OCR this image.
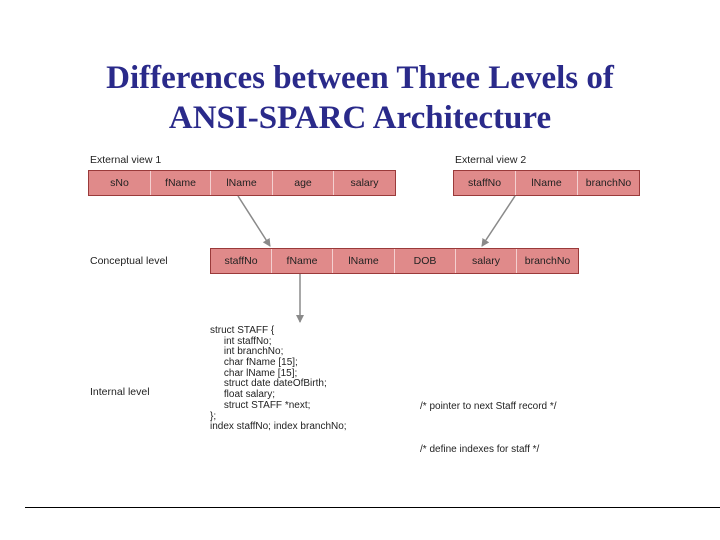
Differences between Three Levels of
ANSI-SPARC Architecture
External view 1
sNo	fName	lName	age	salary
External view 2
staffNo	lName	branchNo
Conceptual level	staffNo	fName	lName	DOB	salary	branchNo
Internal level
struct STAFF {
int staffNo;
int branchNo;
char fName [15];
char lName [15];
struct date dateOfBirth;
float salary;
struct STAFF *next;
};
index staffNo; index branchNo;
/* pointer to next Staff record */
/* define indexes for staff */
